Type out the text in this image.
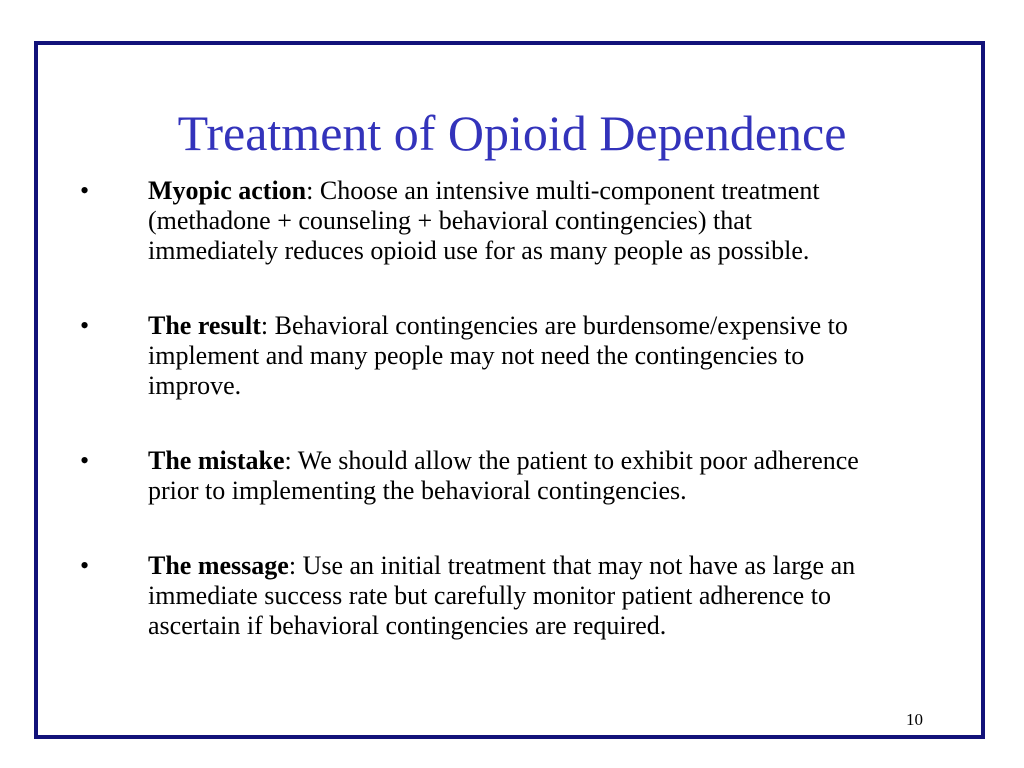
Treatment of Opioid Dependence
• Myopic action: Choose an intensive multi-component treatment (methadone + counseling + behavioral contingencies) that immediately reduces opioid use for as many people as possible.
• The result: Behavioral contingencies are burdensome/expensive to implement and many people may not need the contingencies to improve.
• The mistake: We should allow the patient to exhibit poor adherence prior to implementing the behavioral contingencies.
• The message: Use an initial treatment that may not have as large an immediate success rate but carefully monitor patient adherence to ascertain if behavioral contingencies are required.
10
